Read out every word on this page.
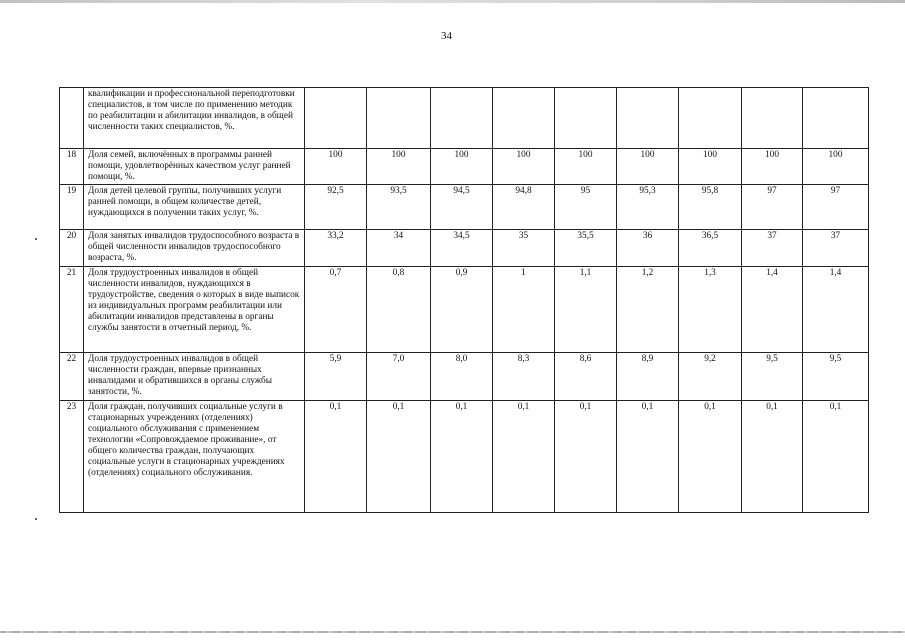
34
	квалификации и профессиональной переподготовки специалистов, в том числе по применению методик по реабилитации и абилитации инвалидов, в общей численности таких специалистов, %.									
18	Доля семей, включённых в программы ранней помощи, удовлетворённых качеством услуг ранней помощи, %.	100	100	100	100	100	100	100	100	100
19	Доля детей целевой группы, получивших услуги ранней помощи, в общем количестве детей, нуждающихся в получении таких услуг, %.	92,5	93,5	94,5	94,8	95	95,3	95,8	97	97
20	Доля занятых инвалидов трудоспособного возраста в общей численности инвалидов трудоспособного возраста, %.	33,2	34	34,5	35	35,5	36	36,5	37	37
21	Доля трудоустроенных инвалидов в общей численности инвалидов, нуждающихся в трудоустройстве, сведения о которых в виде выписок из индивидуальных программ реабилитации или абилитации инвалидов представлены в органы службы занятости в отчетный период, %.	0,7	0,8	0,9	1	1,1	1,2	1,3	1,4	1,4
22	Доля трудоустроенных инвалидов в общей численности граждан, впервые признанных инвалидами и обратившихся в органы службы занятости, %.	5,9	7,0	8,0	8,3	8,6	8,9	9,2	9,5	9,5
23	Доля граждан, получивших социальные услуги в стационарных учреждениях (отделениях) социального обслуживания с применением технологии «Сопровождаемое проживание», от общего количества граждан, получающих социальные услуги в стационарных учреждениях (отделениях) социального обслуживания.	0,1	0,1	0,1	0,1	0,1	0,1	0,1	0,1	0,1
